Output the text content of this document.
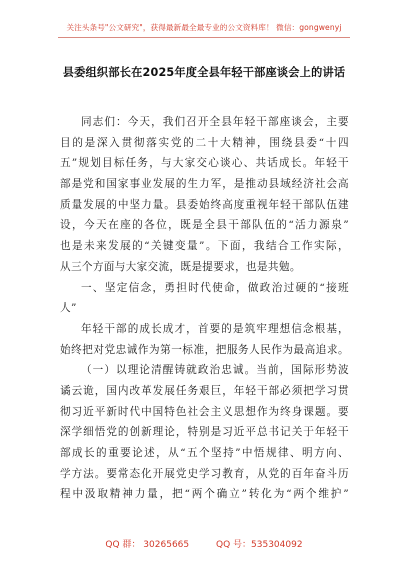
关注头条号"公文研究"，获得最新最全最专业的公文资料库！ 微信：gongwenyj
县委组织部长在2025年度全县年轻干部座谈会上的讲话
同志们：今天，我们召开全县年轻干部座谈会，主要
目的是深入贯彻落实党的二十大精神，围绕县委“十四
五”规划目标任务，与大家交心谈心、共话成长。年轻干
部是党和国家事业发展的生力军，是推动县域经济社会高
质量发展的中坚力量。县委始终高度重视年轻干部队伍建
设，今天在座的各位，既是全县干部队伍的“活力源泉”
也是未来发展的“关键变量”。下面，我结合工作实际，
从三个方面与大家交流，既是提要求，也是共勉。
一、坚定信念，勇担时代使命，做政治过硬的“接班
人”
年轻干部的成长成才，首要的是筑牢理想信念根基，
始终把对党忠诚作为第一标准，把服务人民作为最高追求。
（一）以理论清醒铸就政治忠诚。当前，国际形势波
谲云诡，国内改革发展任务艰巨，年轻干部必须把学习贯
彻习近平新时代中国特色社会主义思想作为终身课题。要
深学细悟党的创新理论，特别是习近平总书记关于年轻干
部成长的重要论述，从“五个坚持”中悟规律、明方向、
学方法。要常态化开展党史学习教育，从党的百年奋斗历
程中汲取精神力量，把“两个确立”转化为“两个维护”
QQ 群： 30265665	QQ 号：535304092
